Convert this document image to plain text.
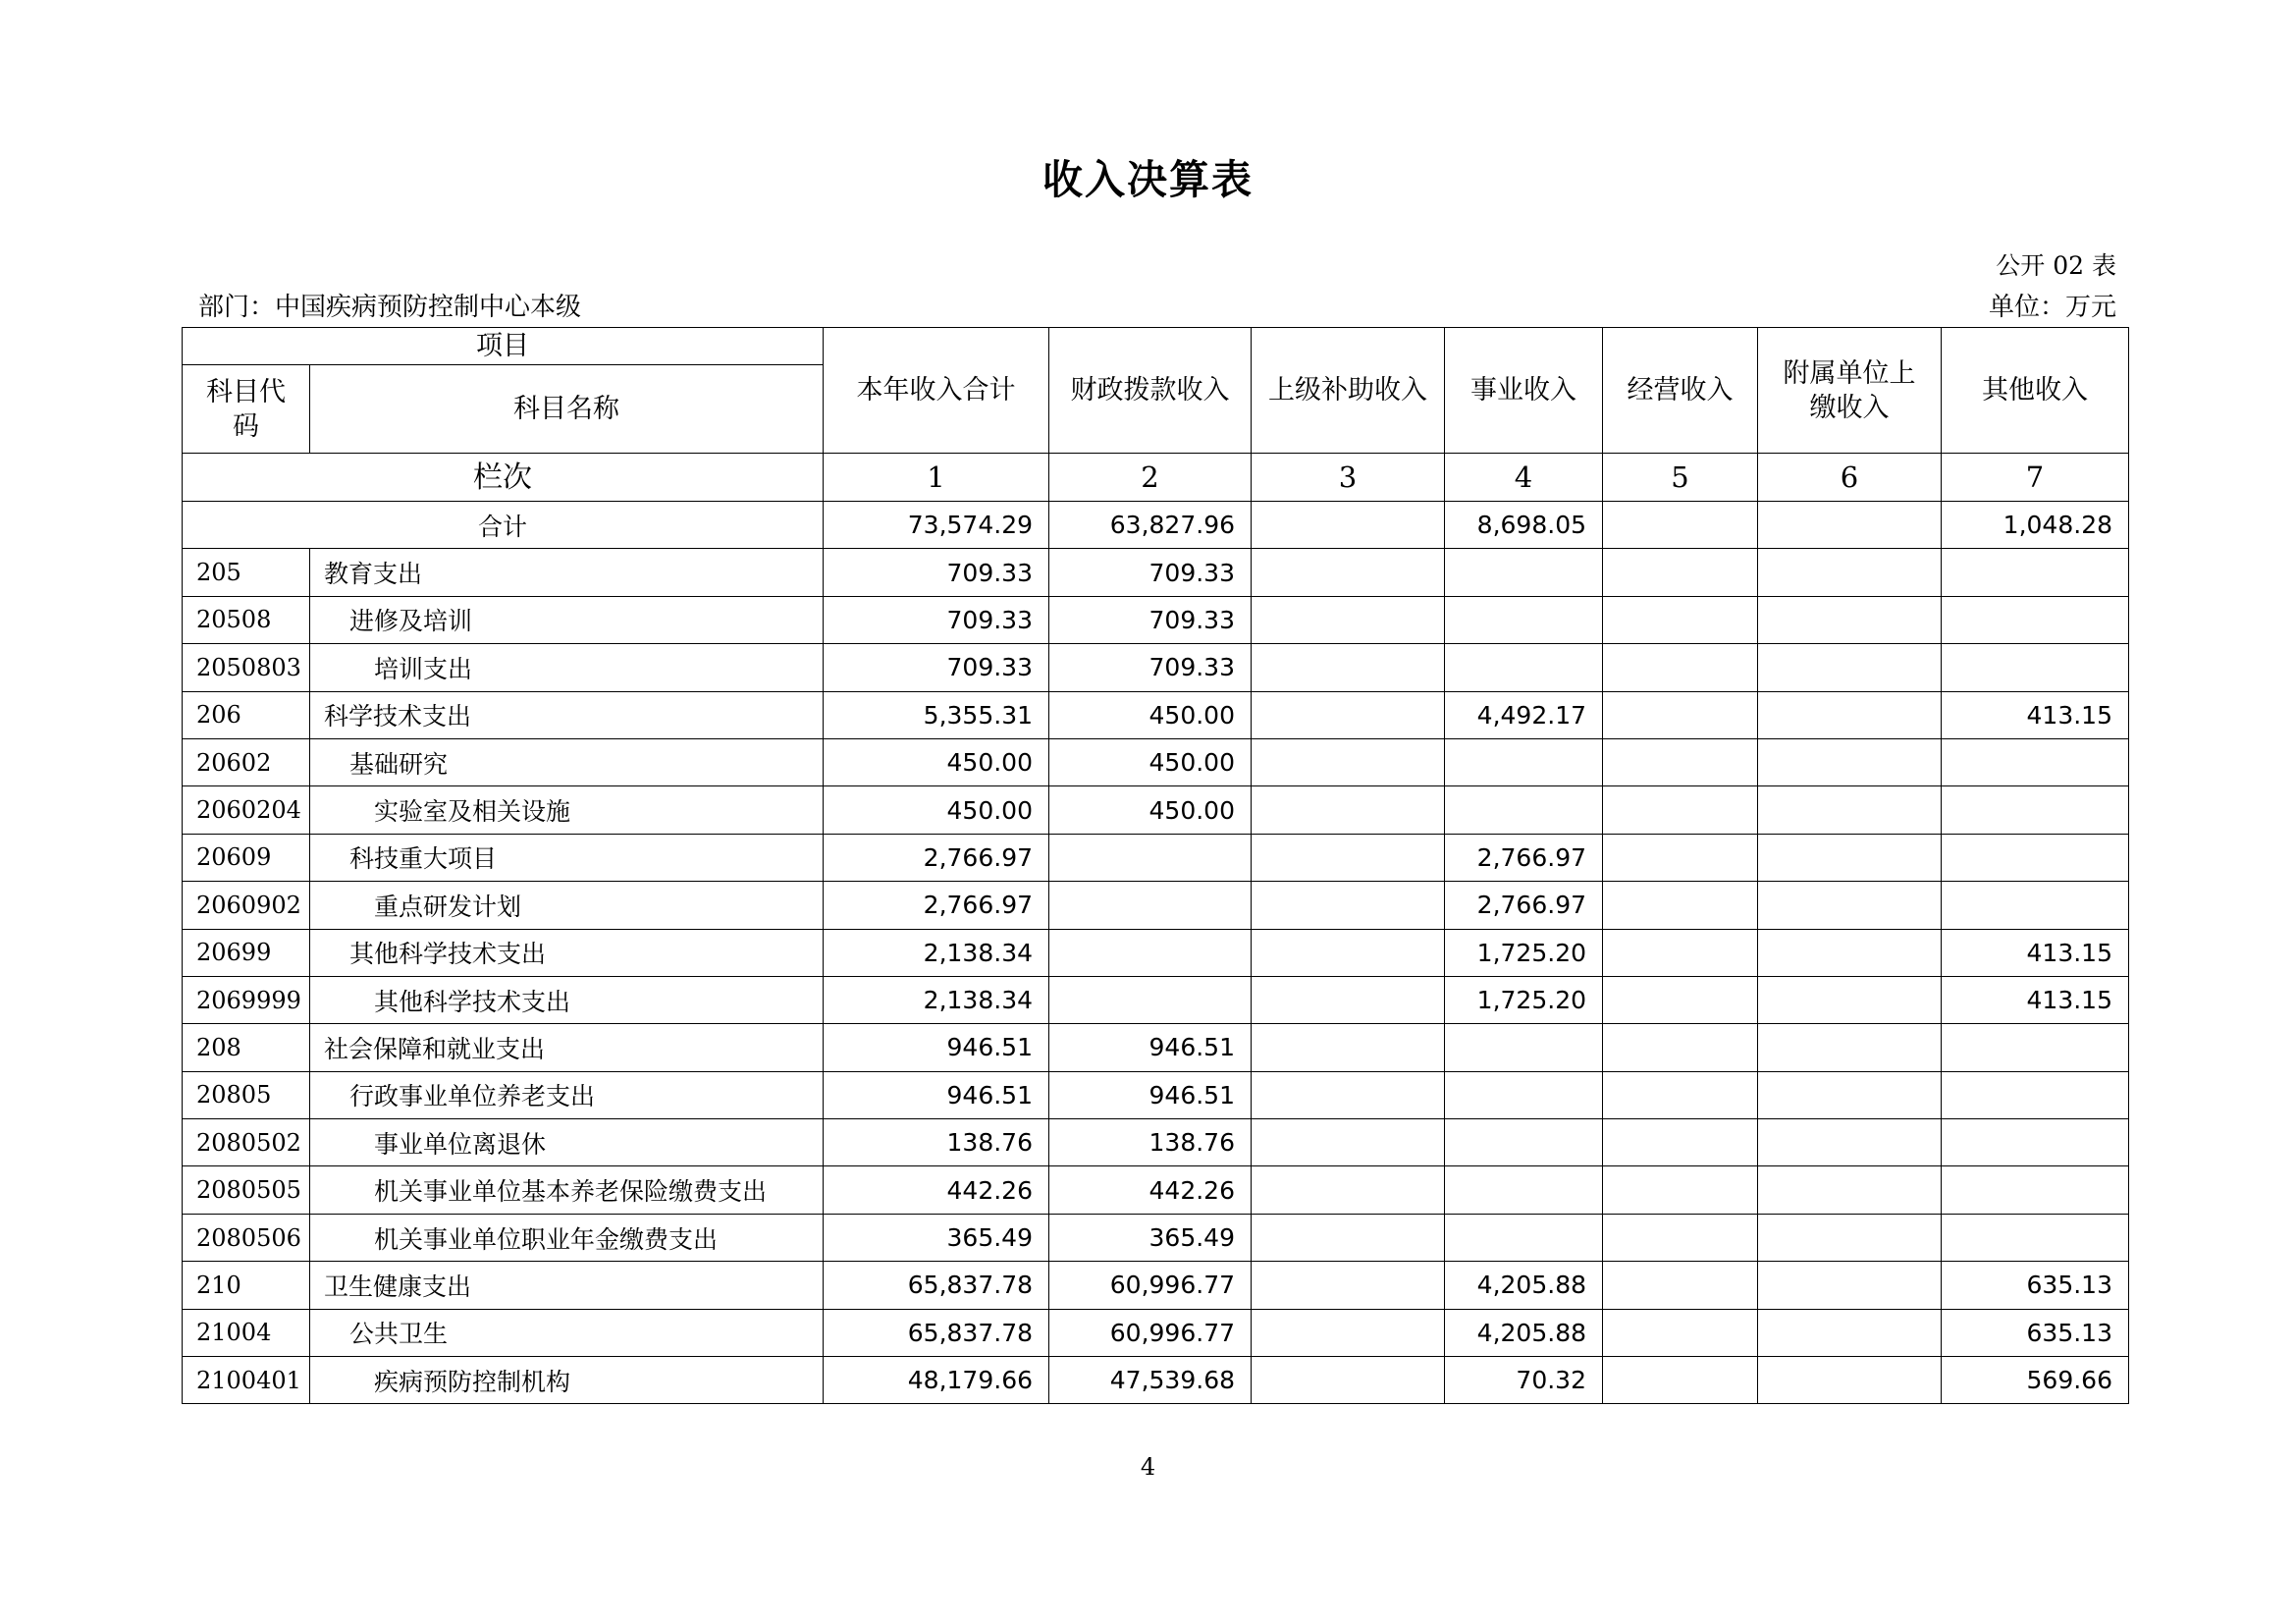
收入决算表
公开 02 表
部门：中国疾病预防控制中心本级	单位：万元
项目		本年收入合计	财政拨款收入	上级补助收入	事业收入	经营收入	附属单位上缴收入	其他收入
科目代码	科目名称							
栏次		1	2	3	4	5	6	7
合计		73,574.29	63,827.96		8,698.05			1,048.28
205	教育支出	709.33	709.33					
20508	进修及培训	709.33	709.33					
2050803	培训支出	709.33	709.33					
206	科学技术支出	5,355.31	450.00		4,492.17			413.15
20602	基础研究	450.00	450.00					
2060204	实验室及相关设施	450.00	450.00					
20609	科技重大项目	2,766.97			2,766.97			
2060902	重点研发计划	2,766.97			2,766.97			
20699	其他科学技术支出	2,138.34			1,725.20			413.15
2069999	其他科学技术支出	2,138.34			1,725.20			413.15
208	社会保障和就业支出	946.51	946.51					
20805	行政事业单位养老支出	946.51	946.51					
2080502	事业单位离退休	138.76	138.76					
2080505	机关事业单位基本养老保险缴费支出	442.26	442.26					
2080506	机关事业单位职业年金缴费支出	365.49	365.49					
210	卫生健康支出	65,837.78	60,996.77		4,205.88			635.13
21004	公共卫生	65,837.78	60,996.77		4,205.88			635.13
2100401	疾病预防控制机构	48,179.66	47,539.68		70.32			569.66
4
